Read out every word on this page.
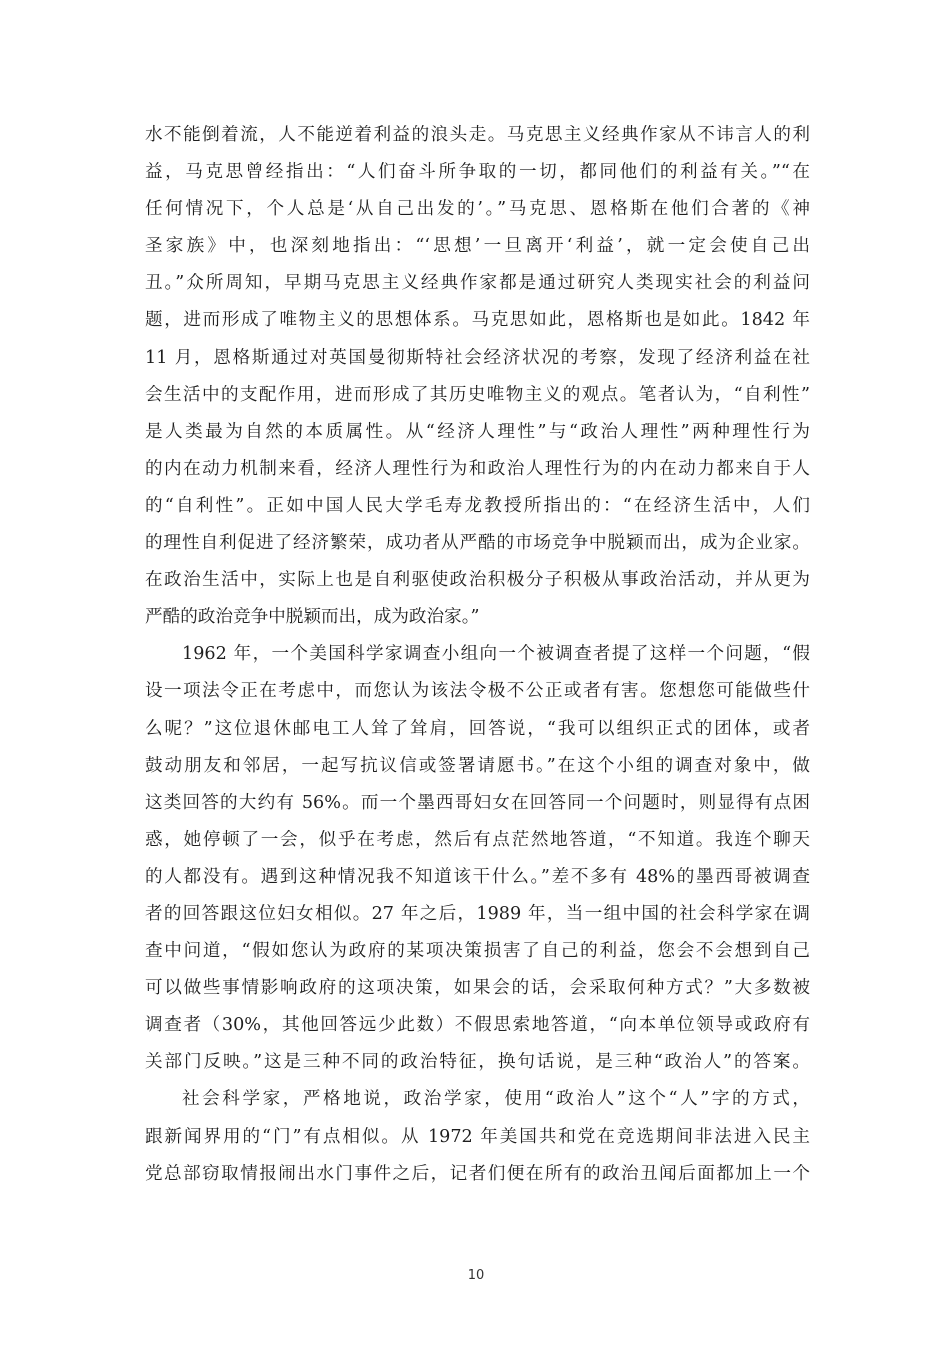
水不能倒着流，人不能逆着利益的浪头走。马克思主义经典作家从不讳言人的利
益，马克思曾经指出：“人们奋斗所争取的一切，都同他们的利益有关。”“在
任何情况下，个人总是‘从自己出发的’。”马克思、恩格斯在他们合著的《神
圣家族》中，也深刻地指出：“‘思想’一旦离开‘利益’，就一定会使自己出
丑。”众所周知，早期马克思主义经典作家都是通过研究人类现实社会的利益问
题，进而形成了唯物主义的思想体系。马克思如此，恩格斯也是如此。1842 年
11 月，恩格斯通过对英国曼彻斯特社会经济状况的考察，发现了经济利益在社
会生活中的支配作用，进而形成了其历史唯物主义的观点。笔者认为，“自利性”
是人类最为自然的本质属性。从“经济人理性”与“政治人理性”两种理性行为
的内在动力机制来看，经济人理性行为和政治人理性行为的内在动力都来自于人
的“自利性”。正如中国人民大学毛寿龙教授所指出的：“在经济生活中，人们
的理性自利促进了经济繁荣，成功者从严酷的市场竞争中脱颖而出，成为企业家。
在政治生活中，实际上也是自利驱使政治积极分子积极从事政治活动，并从更为
严酷的政治竞争中脱颖而出，成为政治家。”
1962 年，一个美国科学家调查小组向一个被调查者提了这样一个问题，“假
设一项法令正在考虑中，而您认为该法令极不公正或者有害。您想您可能做些什
么呢？”这位退休邮电工人耸了耸肩，回答说，“我可以组织正式的团体，或者
鼓动朋友和邻居，一起写抗议信或签署请愿书。”在这个小组的调查对象中，做
这类回答的大约有 56%。而一个墨西哥妇女在回答同一个问题时，则显得有点困
惑，她停顿了一会，似乎在考虑，然后有点茫然地答道，“不知道。我连个聊天
的人都没有。遇到这种情况我不知道该干什么。”差不多有 48%的墨西哥被调查
者的回答跟这位妇女相似。27 年之后，1989 年，当一组中国的社会科学家在调
查中问道，“假如您认为政府的某项决策损害了自己的利益，您会不会想到自己
可以做些事情影响政府的这项决策，如果会的话，会采取何种方式？”大多数被
调查者（30%，其他回答远少此数）不假思索地答道，“向本单位领导或政府有
关部门反映。”这是三种不同的政治特征，换句话说，是三种“政治人”的答案。
社会科学家，严格地说，政治学家，使用“政治人”这个“人”字的方式，
跟新闻界用的“门”有点相似。从 1972 年美国共和党在竞选期间非法进入民主
党总部窃取情报闹出水门事件之后，记者们便在所有的政治丑闻后面都加上一个
10
